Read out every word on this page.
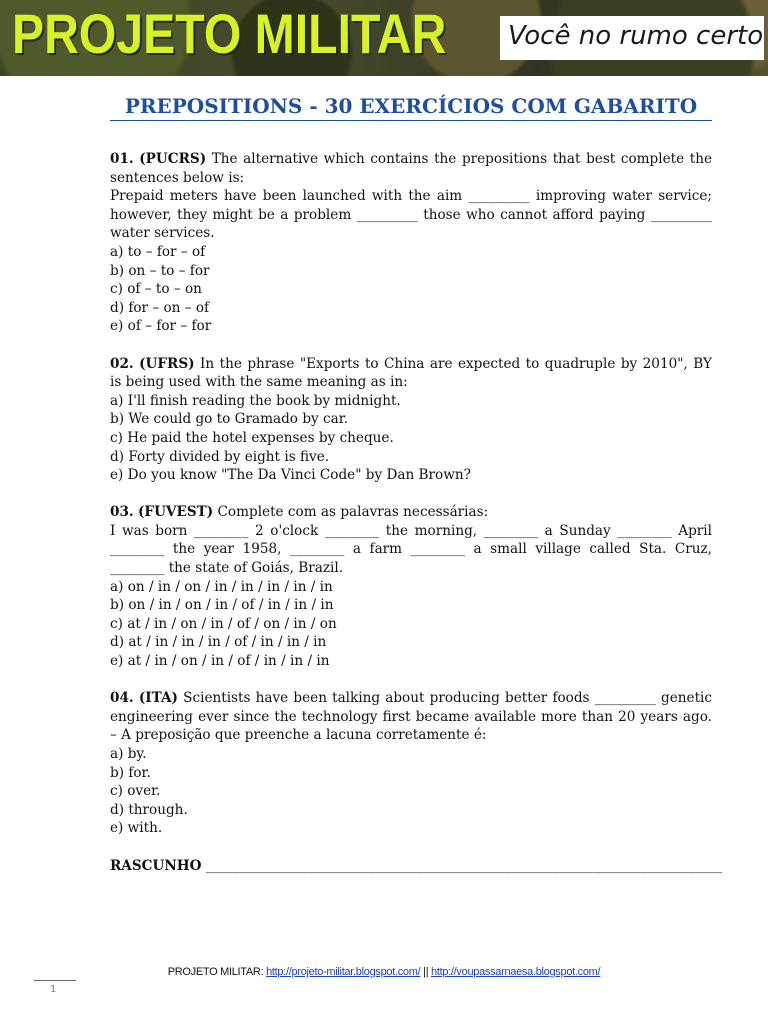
PROJETO MILITAR Você no rumo certo
PREPOSITIONS - 30 EXERCÍCIOS COM GABARITO

01. (PUCRS) The alternative which contains the prepositions that best complete the

sentences below is:

Prepaid meters have been launched with the aim _________ improving water service;

however, they might be a problem _________ those who cannot afford paying _________

water services.

a) to – for – of

b) on – to – for

c) of – to – on

d) for – on – of

e) of – for – for

02. (UFRS) In the phrase "Exports to China are expected to quadruple by 2010", BY

is being used with the same meaning as in:

a) I'll finish reading the book by midnight.

b) We could go to Gramado by car.

c) He paid the hotel expenses by cheque.

d) Forty divided by eight is five.

e) Do you know "The Da Vinci Code" by Dan Brown?

03. (FUVEST) Complete com as palavras necessárias:

I was born ________ 2 o'clock ________ the morning, ________ a Sunday ________ April

________ the year 1958, ________ a farm ________ a small village called Sta. Cruz,

________ the state of Goiás, Brazil.

a) on / in / on / in / in / in / in / in

b) on / in / on / in / of / in / in / in

c) at / in / on / in / of / on / in / on

d) at / in / in / in / of / in / in / in

e) at / in / on / in / of / in / in / in

04. (ITA) Scientists have been talking about producing better foods _________ genetic

engineering ever since the technology first became available more than 20 years ago.

– A preposição que preenche a lacuna corretamente é:

a) by.

b) for.

c) over.

d) through.

e) with.

RASCUNHO ____________________________________________________________________________

PROJETO MILITAR: http://projeto-militar.blogspot.com/ || http://voupassarnaesa.blogspot.com/
1
